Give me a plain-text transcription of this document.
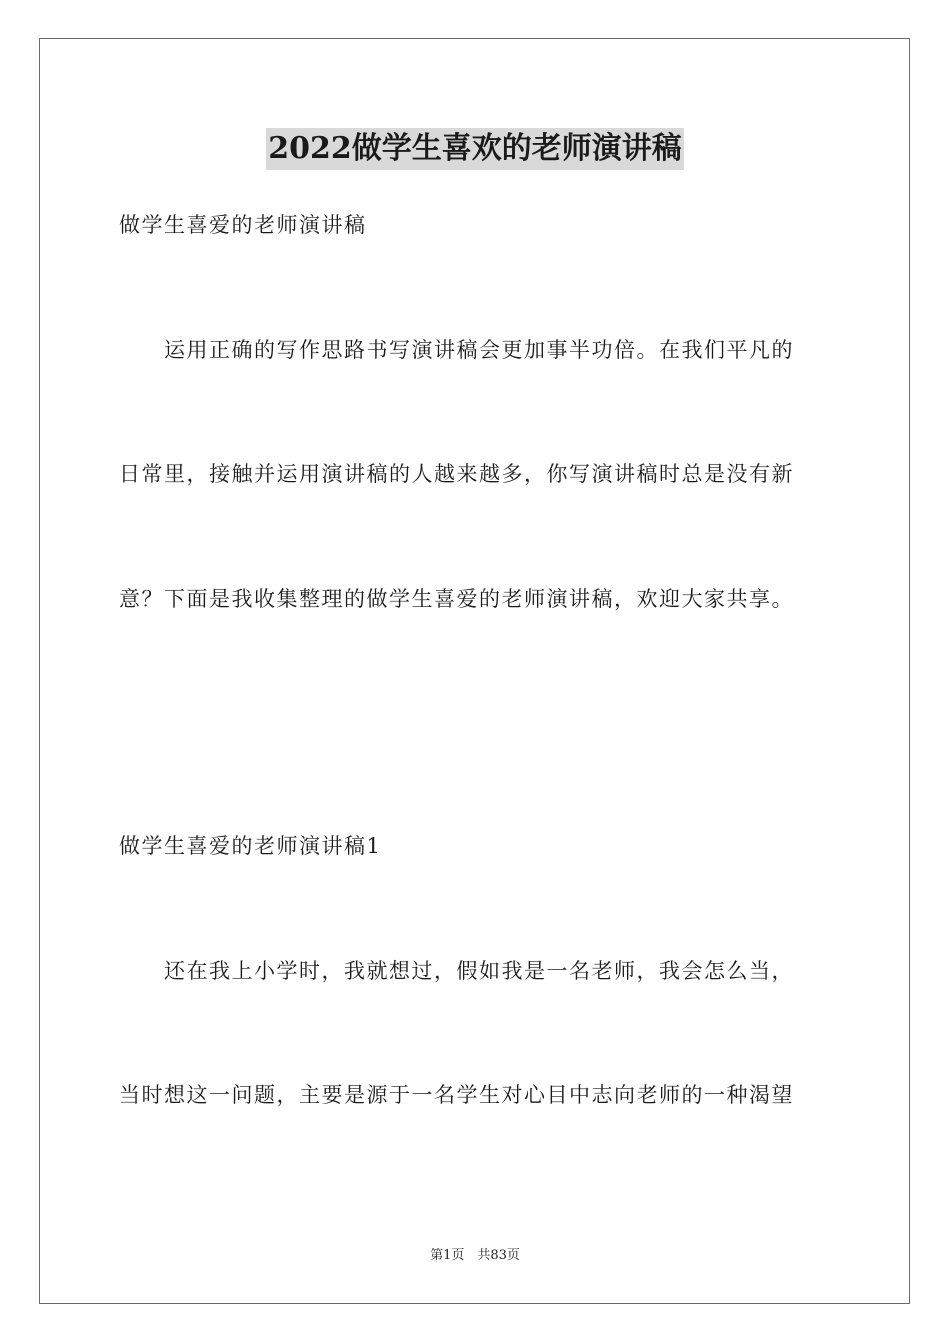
2022做学生喜欢的老师演讲稿
做学生喜爱的老师演讲稿
运用正确的写作思路书写演讲稿会更加事半功倍。在我们平凡的
日常里，接触并运用演讲稿的人越来越多，你写演讲稿时总是没有新
意？下面是我收集整理的做学生喜爱的老师演讲稿，欢迎大家共享。
做学生喜爱的老师演讲稿1
还在我上小学时，我就想过，假如我是一名老师，我会怎么当，
当时想这一问题，主要是源于一名学生对心目中志向老师的一种渴望
第1页　共83页
